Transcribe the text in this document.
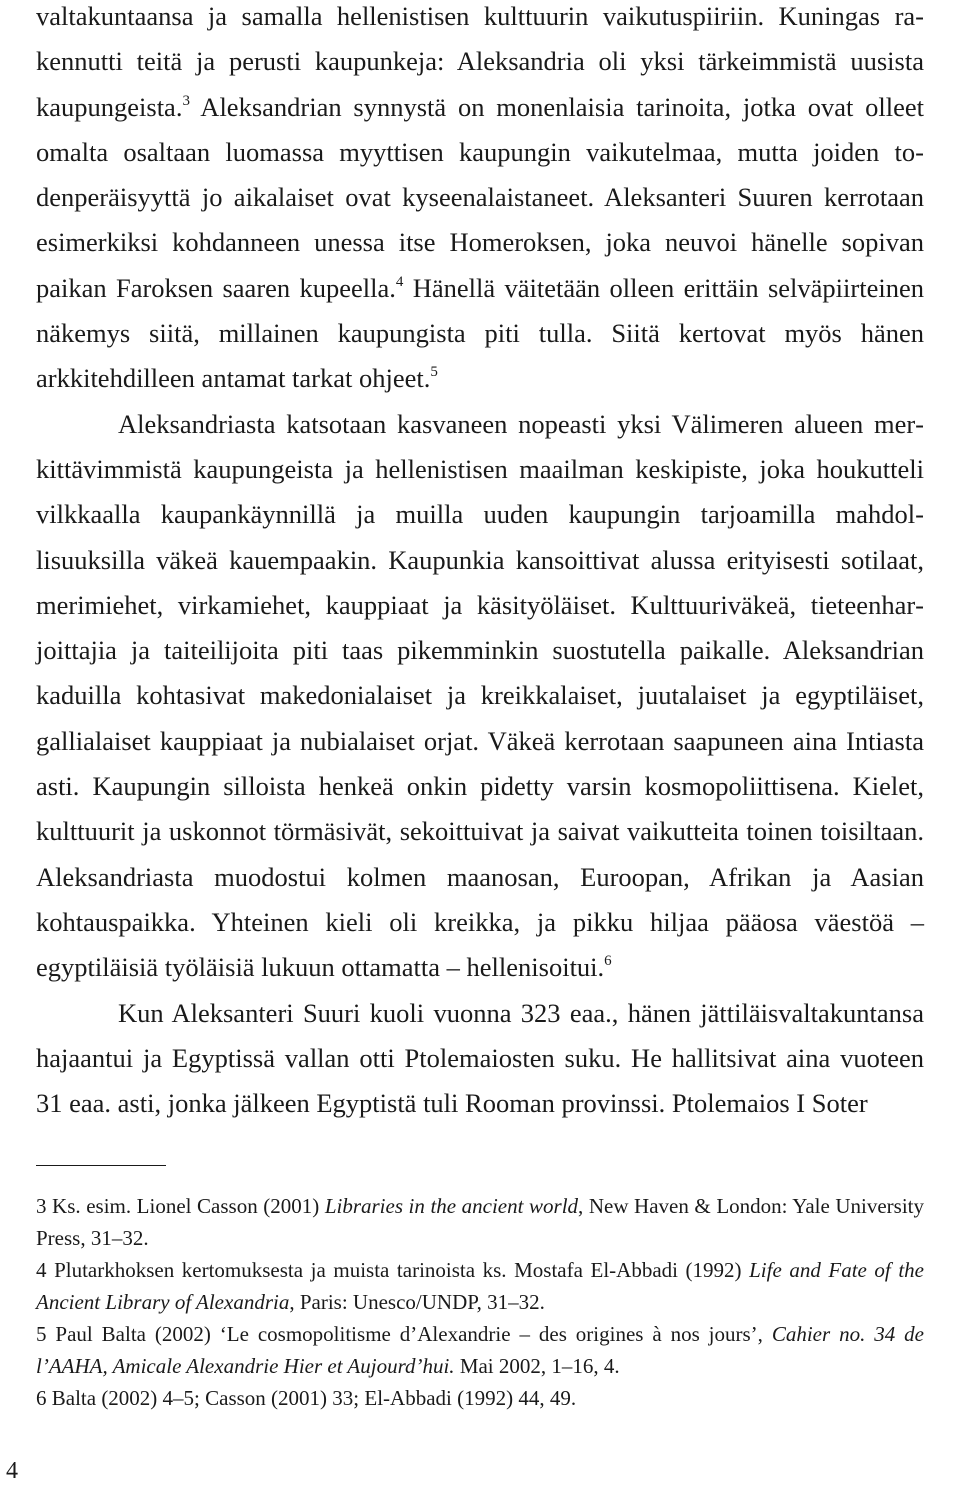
valtakuntaansa ja samalla hellenistisen kulttuurin vaikutuspiiriin. Kuningas rakennutti teitä ja perusti kaupunkeja: Aleksandria oli yksi tärkeimmistä uusista kaupungeista.$^3$ Aleksandrian synnystä on monenlaisia tarinoita, jotka ovat olleet omalta osaltaan luomassa myyttisen kaupungin vaikutelmaa, mutta joiden todenperäisyyttä jo aikalaiset ovat kyseenalaistaneet. Aleksanteri Suuren kerrotaan esimerkiksi kohdanneen unessa itse Homeroksen, joka neuvoi hänelle sopivan paikan Faroksen saaren kupeella.$^4$ Hänellä väitetään olleen erittäin selväpiirteinen näkemys siitä, millainen kaupungista piti tulla. Siitä kertovat myös hänen arkkitehdilleen antamat tarkat ohjeet.$^5$

Aleksandriasta katsotaan kasvaneen nopeasti yksi Välimeren alueen merkittävimmistä kaupungeista ja hellenistisen maailman keskipiste, joka houkutteli vilkkaalla kaupankäynnillä ja muilla uuden kaupungin tarjoamilla mahdollisuuksilla väkeä kauempaakin. Kaupunkia kansoittivat alussa erityisesti sotilaat, merimiehet, virkamiehet, kauppiaat ja käsityöläiset. Kulttuuriväkeä, tieteenharjoittajia ja taiteilijoita piti taas pikemminkin suostutella paikalle. Aleksandrian kaduilla kohtasivat makedonialaiset ja kreikkalaiset, juutalaiset ja egyptiläiset, gallialaiset kauppiaat ja nubialaiset orjat. Väkeä kerrotaan saapuneen aina Intiasta asti. Kaupungin silloista henkeä onkin pidetty varsin kosmopoliittisena. Kielet, kulttuurit ja uskonnot törmäsivät, sekoittuivat ja saivat vaikutteita toinen toisiltaan. Aleksandriasta muodostui kolmen maanosan, Euroopan, Afrikan ja Aasian kohtauspaikka. Yhteinen kieli oli kreikka, ja pikku hiljaa pääosa väestöä – egyptiläisiä työläisiä lukuun ottamatta – hellenisoitui.$^6$

Kun Aleksanteri Suuri kuoli vuonna 323 eaa., hänen jättiläisvaltakuntansa hajaantui ja Egyptissä vallan otti Ptolemaiosten suku. He hallitsivat aina vuoteen 31 eaa. asti, jonka jälkeen Egyptistä tuli Rooman provinssi. Ptolemaios I Soter

3 Ks. esim. Lionel Casson (2001) Libraries in the ancient world, New Haven & London: Yale University Press, 31–32.

4 Plutarkhoksen kertomuksesta ja muista tarinoista ks. Mostafa El-Abbadi (1992) Life and Fate of the Ancient Library of Alexandria, Paris: Unesco/UNDP, 31–32.

5 Paul Balta (2002) ‘Le cosmopolitisme d’Alexandrie – des origines à nos jours’, Cahier no. 34 de l’AAHA, Amicale Alexandrie Hier et Aujourd’hui. Mai 2002, 1–16, 4.

6 Balta (2002) 4–5; Casson (2001) 33; El-Abbadi (1992) 44, 49.

4
